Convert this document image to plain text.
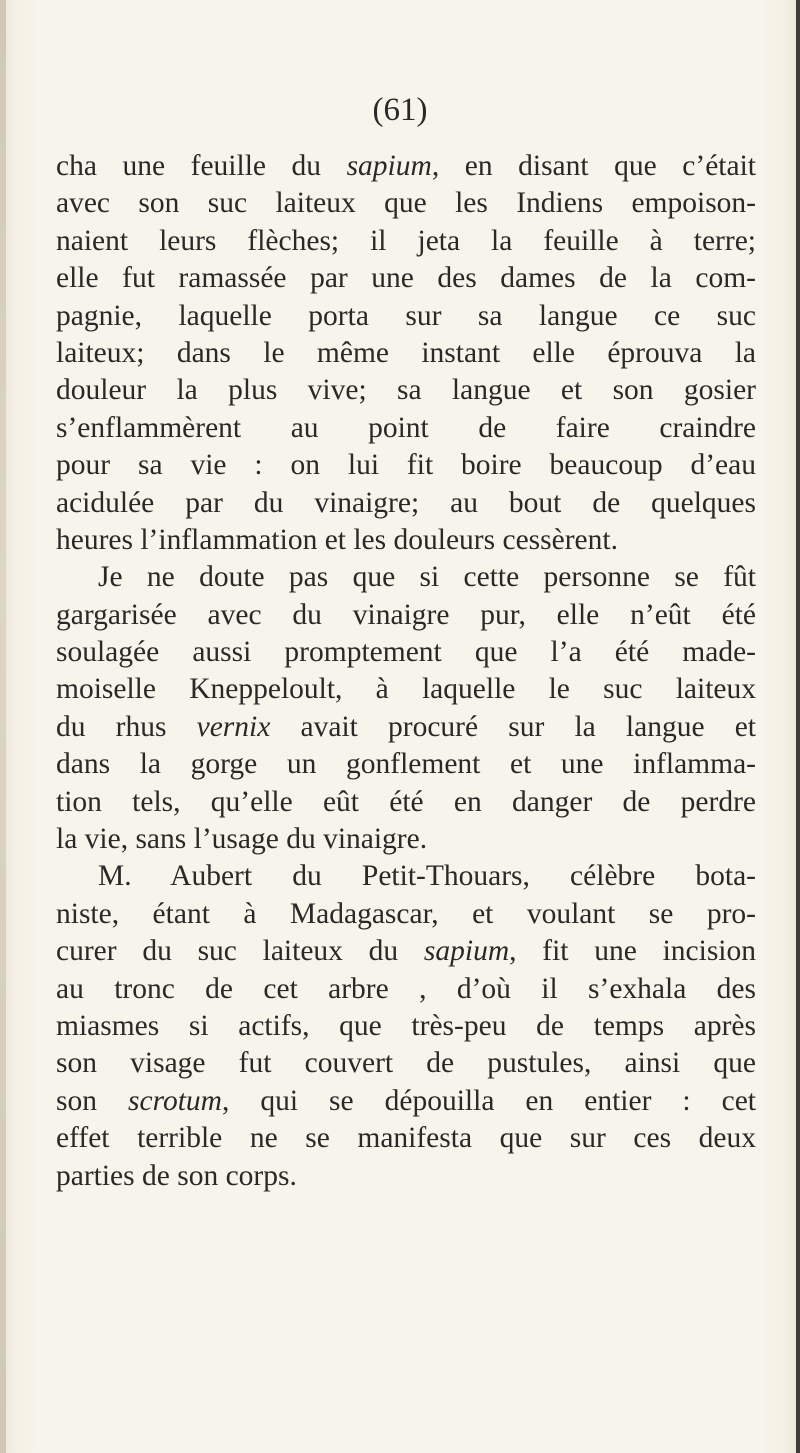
(61)
cha une feuille du sapium, en disant que c’était
avec son suc laiteux que les Indiens empoison-
naient leurs flèches; il jeta la feuille à terre;
elle fut ramassée par une des dames de la com-
pagnie, laquelle porta sur sa langue ce suc
laiteux; dans le même instant elle éprouva la
douleur la plus vive; sa langue et son gosier
s’enflammèrent au point de faire craindre
pour sa vie : on lui fit boire beaucoup d’eau
acidulée par du vinaigre; au bout de quelques
heures l’inflammation et les douleurs cessèrent.
Je ne doute pas que si cette personne se fût
gargarisée avec du vinaigre pur, elle n’eût été
soulagée aussi promptement que l’a été made-
moiselle Kneppeloult, à laquelle le suc laiteux
du rhus vernix avait procuré sur la langue et
dans la gorge un gonflement et une inflamma-
tion tels, qu’elle eût été en danger de perdre
la vie, sans l’usage du vinaigre.
M. Aubert du Petit-Thouars, célèbre bota-
niste, étant à Madagascar, et voulant se pro-
curer du suc laiteux du sapium, fit une incision
au tronc de cet arbre , d’où il s’exhala des
miasmes si actifs, que très-peu de temps après
son visage fut couvert de pustules, ainsi que
son scrotum, qui se dépouilla en entier : cet
effet terrible ne se manifesta que sur ces deux
parties de son corps.
